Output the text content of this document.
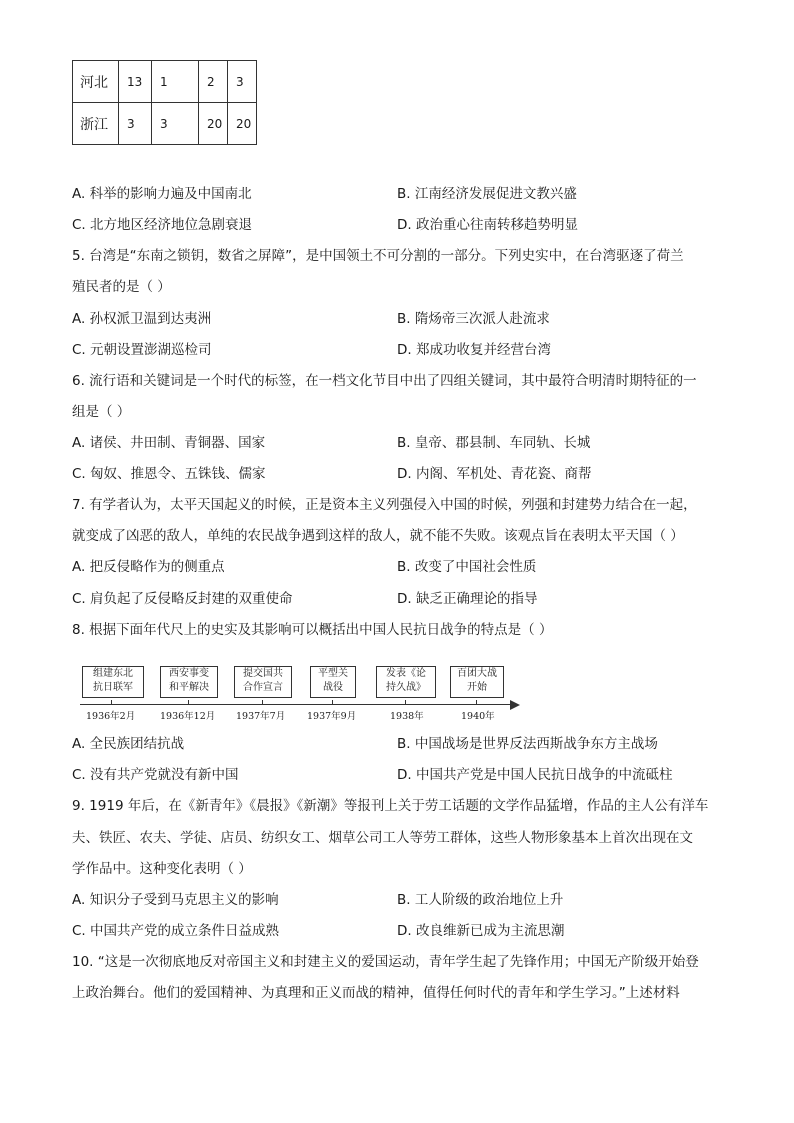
河北	13	1	2	3
浙江	3	3	20	20
A. 科举的影响力遍及中国南北	B. 江南经济发展促进文教兴盛
C. 北方地区经济地位急剧衰退	D. 政治重心往南转移趋势明显
5. 台湾是“东南之锁钥，数省之屏障”，是中国领土不可分割的一部分。下列史实中，在台湾驱逐了荷兰
殖民者的是（ ）
A. 孙权派卫温到达夷洲	B. 隋炀帝三次派人赴流求
C. 元朝设置澎湖巡检司	D. 郑成功收复并经营台湾
6. 流行语和关键词是一个时代的标签，在一档文化节目中出了四组关键词，其中最符合明清时期特征的一
组是（ ）
A. 诸侯、井田制、青铜器、国家	B. 皇帝、郡县制、车同轨、长城
C. 匈奴、推恩令、五铢钱、儒家	D. 内阁、军机处、青花瓷、商帮
7. 有学者认为，太平天国起义的时候，正是资本主义列强侵入中国的时候，列强和封建势力结合在一起，
就变成了凶恶的敌人，单纯的农民战争遇到这样的敌人，就不能不失败。该观点旨在表明太平天国（ ）
A. 把反侵略作为的侧重点	B. 改变了中国社会性质
C. 肩负起了反侵略反封建的双重使命	D. 缺乏正确理论的指导
8. 根据下面年代尺上的史实及其影响可以概括出中国人民抗日战争的特点是（ ）
组建东北
抗日联军
1936年2月
西安事变
和平解决
1936年12月
提交国共
合作宣言
1937年7月
平型关
战役
1937年9月
发表《论
持久战》
1938年
百团大战
开始
1940年
A. 全民族团结抗战	B. 中国战场是世界反法西斯战争东方主战场
C. 没有共产党就没有新中国	D. 中国共产党是中国人民抗日战争的中流砥柱
9. 1919 年后，在《新青年》《晨报》《新潮》等报刊上关于劳工话题的文学作品猛增，作品的主人公有洋车
夫、铁匠、农夫、学徒、店员、纺织女工、烟草公司工人等劳工群体，这些人物形象基本上首次出现在文
学作品中。这种变化表明（ ）
A. 知识分子受到马克思主义的影响	B. 工人阶级的政治地位上升
C. 中国共产党的成立条件日益成熟	D. 改良维新已成为主流思潮
10. “这是一次彻底地反对帝国主义和封建主义的爱国运动，青年学生起了先锋作用；中国无产阶级开始登
上政治舞台。他们的爱国精神、为真理和正义而战的精神，值得任何时代的青年和学生学习。”上述材料
